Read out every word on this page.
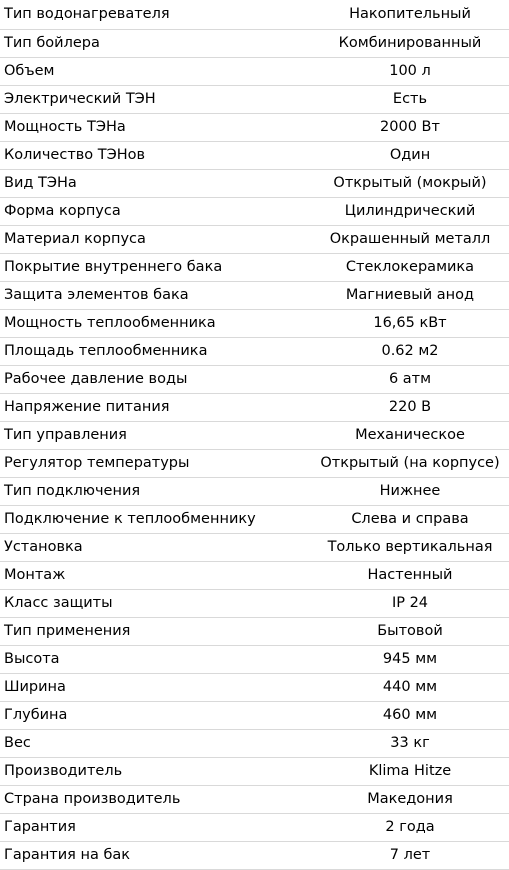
Тип водонагревателя	Накопительный
Тип бойлера	Комбинированный
Объем	100 л
Электрический ТЭН	Есть
Мощность ТЭНа	2000 Вт
Количество ТЭНов	Один
Вид ТЭНа	Открытый (мокрый)
Форма корпуса	Цилиндрический
Материал корпуса	Окрашенный металл
Покрытие внутреннего бака	Стеклокерамика
Защита элементов бака	Магниевый анод
Мощность теплообменника	16,65 кВт
Площадь теплообменника	0.62 м2
Рабочее давление воды	6 атм
Напряжение питания	220 В
Тип управления	Механическое
Регулятор температуры	Открытый (на корпусе)
Тип подключения	Нижнее
Подключение к теплообменнику	Слева и справа
Установка	Только вертикальная
Монтаж	Настенный
Класс защиты	IP 24
Тип применения	Бытовой
Высота	945 мм
Ширина	440 мм
Глубина	460 мм
Вес	33 кг
Производитель	Klima Hitze
Страна производитель	Македония
Гарантия	2 года
Гарантия на бак	7 лет
